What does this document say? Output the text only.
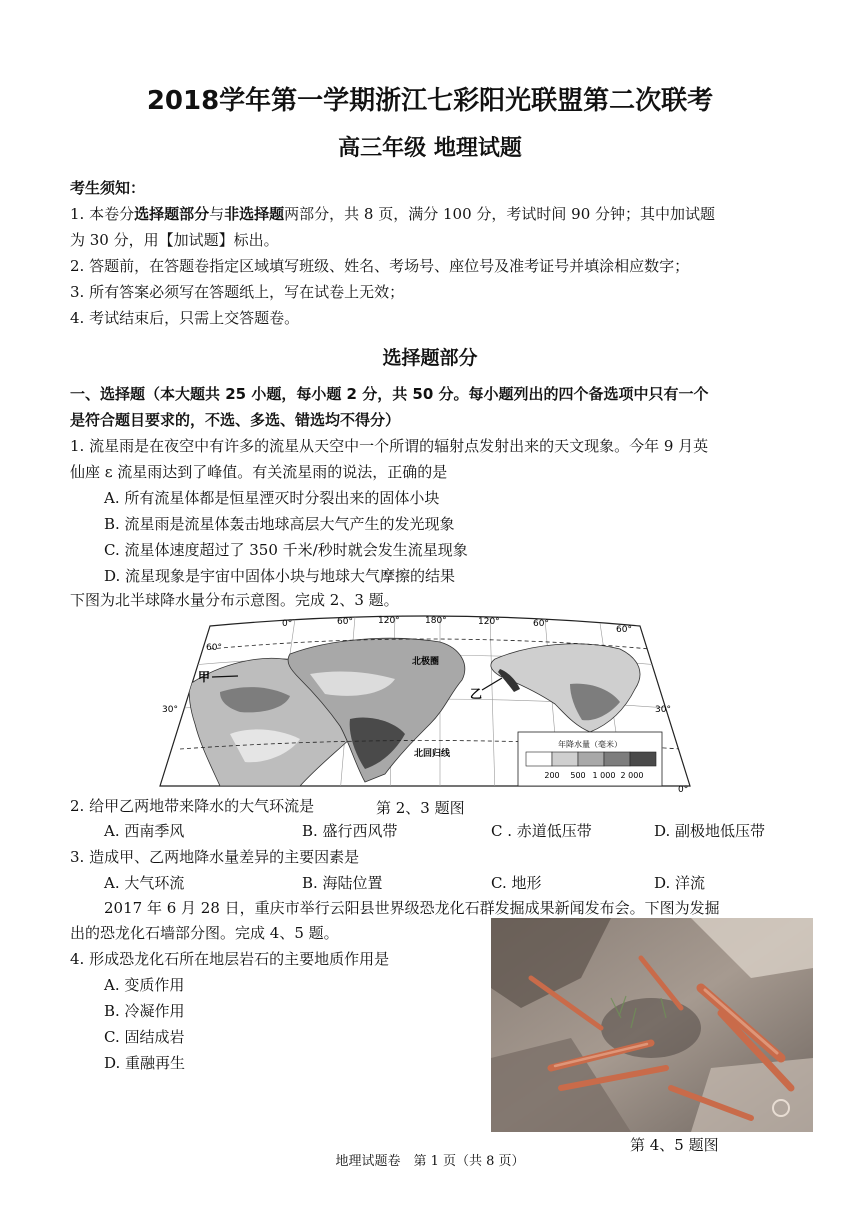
2018学年第一学期浙江七彩阳光联盟第二次联考
高三年级 地理试题
考生须知：
1. 本卷分选择题部分与非选择题两部分，共 8 页，满分 100 分，考试时间 90 分钟；其中加试题
为 30 分，用【加试题】标出。
2. 答题前，在答题卷指定区域填写班级、姓名、考场号、座位号及准考证号并填涂相应数字；
3. 所有答案必须写在答题纸上，写在试卷上无效；
4. 考试结束后，只需上交答题卷。
选择题部分
一、选择题（本大题共 25 小题，每小题 2 分，共 50 分。每小题列出的四个备选项中只有一个
是符合题目要求的，不选、多选、错选均不得分）
1. 流星雨是在夜空中有许多的流星从天空中一个所谓的辐射点发射出来的天文现象。今年 9 月英
仙座 ε 流星雨达到了峰值。有关流星雨的说法，正确的是
A. 所有流星体都是恒星湮灭时分裂出来的固体小块
B. 流星雨是流星体轰击地球高层大气产生的发光现象
C. 流星体速度超过了 350 千米/秒时就会发生流星现象
D. 流星现象是宇宙中固体小块与地球大气摩擦的结果
下图为北半球降水量分布示意图。完成 2、3 题。
0°	60°	120°	180°	120°	60°
60°
30°
60°
30°
0°
北极圈
北回归线
甲
乙
年降水量（毫米）
200 500 1 000 2 000
第 2、3 题图
2. 给甲乙两地带来降水的大气环流是
A. 西南季风	B. 盛行西风带	C . 赤道低压带	D. 副极地低压带
3. 造成甲、乙两地降水量差异的主要因素是
A. 大气环流	B. 海陆位置	C. 地形	D. 洋流
2017 年 6 月 28 日，重庆市举行云阳县世界级恐龙化石群发掘成果新闻发布会。下图为发掘
出的恐龙化石墙部分图。完成 4、5 题。
4. 形成恐龙化石所在地层岩石的主要地质作用是
A. 变质作用
B. 冷凝作用
C. 固结成岩
D. 重融再生
第 4、5 题图
地理试题卷　第 1 页（共 8 页）
